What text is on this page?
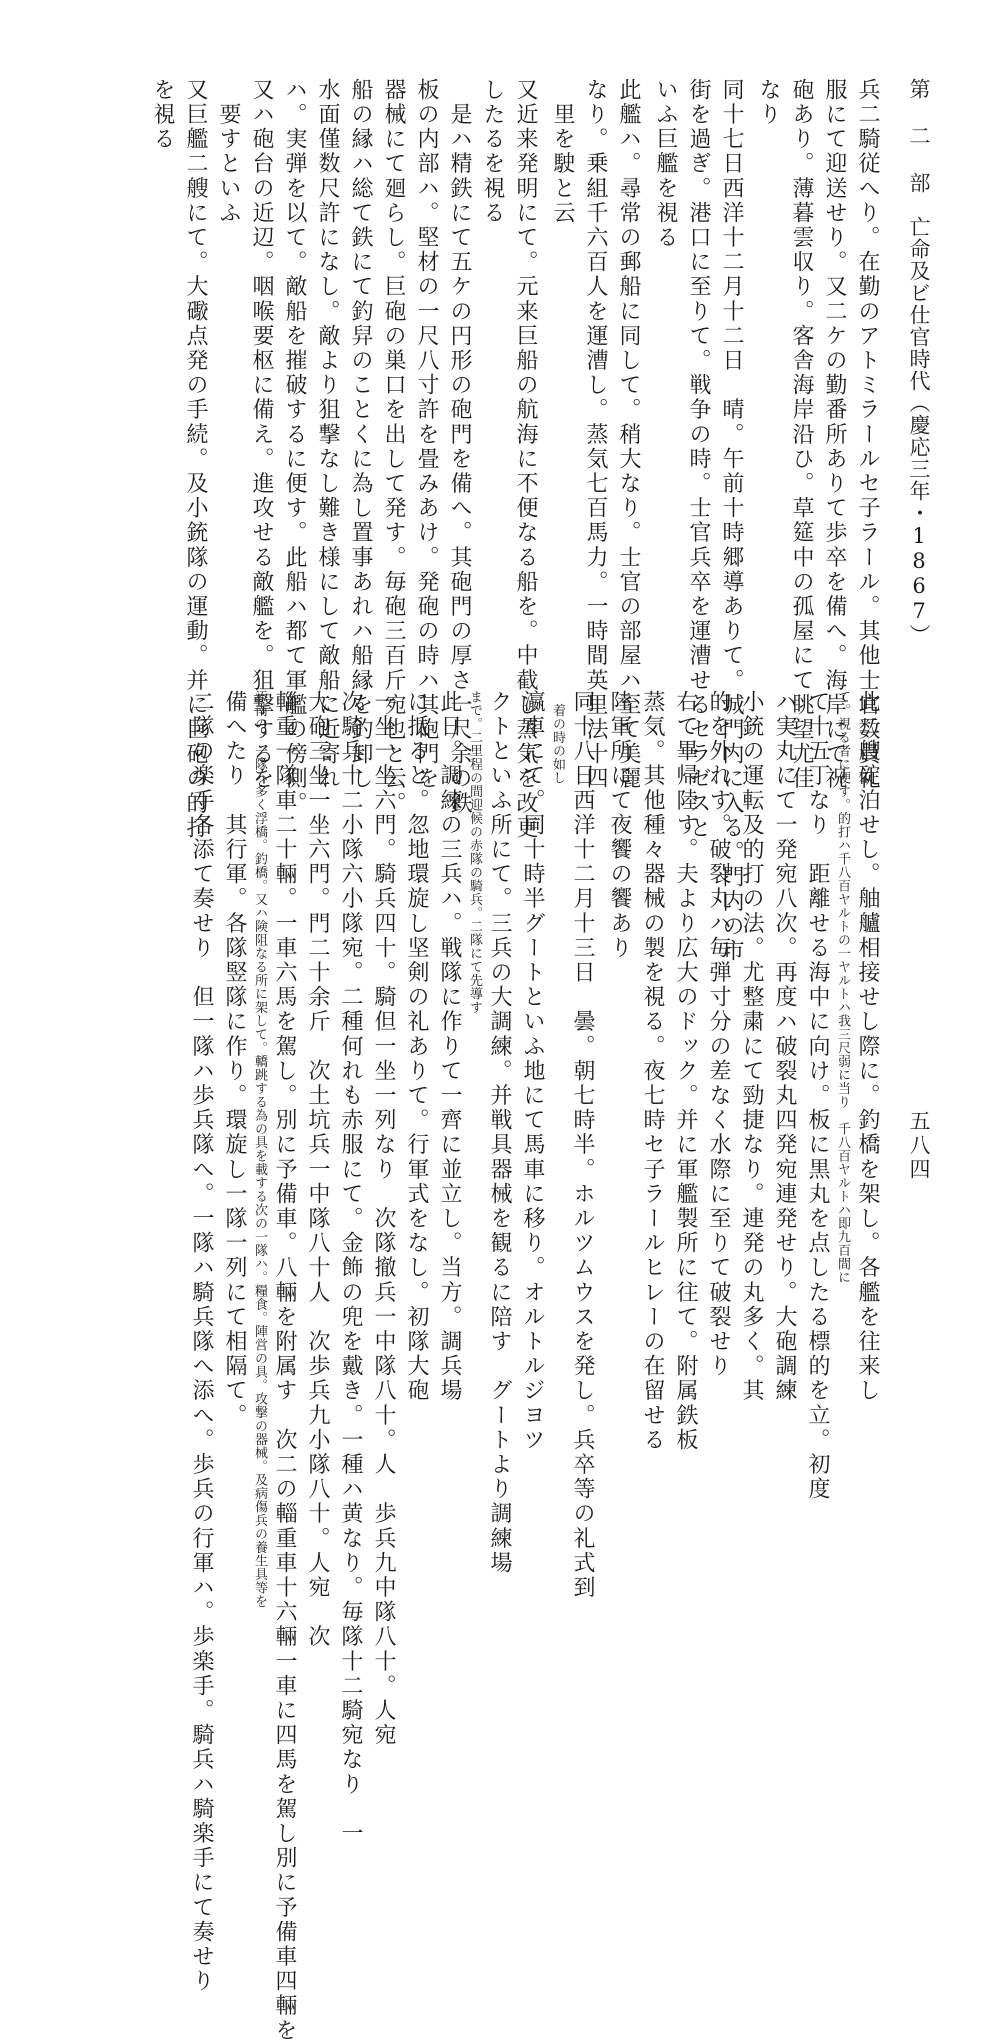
第 二 部　亡命及ビ仕官時代（慶応三年・1867）
五八四
兵二騎従へり。在勤のアトミラールセ子ラール。其他士官数員礼
服にて迎送せり。又二ケの勤番所ありて歩卒を備へ。海岸にて祝
砲あり。薄暮雲収り。客舎海岸沿ひ。草筵中の孤屋にて眺望尤佳
なり
同十七日西洋十二月十二日　晴。午前十時郷導ありて。城門内に入る。門内の市
街を過ぎ。港口に至りて。戦争の時。士官兵卒を運漕せるセラゼスと
いふ巨艦を視る
此艦ハ。尋常の郵船に同して。稍大なり。士官の部屋ハ至て美麗
なり。乗組千六百人を運漕し。蒸気七百馬力。一時間英里法十四
　里を駛と云
又近来発明にて。元来巨船の航海に不便なる船を。中截し蒸気を改更
したるを視る
　是ハ精鉄にて五ケの円形の砲門を備へ。其砲門の厚さ一尺余の鉄
板の内部ハ。堅材の一尺八寸許を畳みあけ。発砲の時ハ其砲門を
器械にて廻らし。巨砲の巣口を出して発す。毎砲三百斤宛也と云。
船の縁ハ総て鉄にて釣舁のことくに為し置事あれハ船縁を釣卸し
水面僅数尺許になし。敵より狙撃なし難き様にして敵船に近寄れ
ハ。実弾を以て。敵船を摧破するに便す。此船ハ都て軍艦の傍側。
又ハ砲台の近辺。咽喉要枢に備え。進攻せる敵艦を。狙撃するを
　要すといふ
又巨艦二艘にて。大礮点発の手続。及小銃隊の運動。并に巨砲の的打
を視る
此二艘碇泊せし。舳艫相接せし際に。釣橋を架し。各艦を往来し
て。視る者に便す。的打ハ千八百ヤルトの一ヤルトハ我三尺弱に当り　千八百ヤルトハ即九百間に
て十五丁なり　距離せる海中に向け。板に黒丸を点したる標的を立。初度
ハ実丸にて一発宛八次。再度ハ破裂丸四発宛連発せり。大砲調練
小銃の運転及的打の法。尤整粛にて勁捷なり。連発の丸多く。其
的を外れす。破裂丸ハ毎弾寸分の差なく水際に至りて破裂せり
右て畢帰陸す。夫より広大のドック。并に軍艦製所に往て。附属鉄板
蒸気。其他種々器械の製を視る。夜七時セ子ラールヒレーの在留せる
陸軍所にて夜饗の饗あり
同十八日西洋十二月十三日　曇。朝七時半。ホルツムウスを発し。兵卒等の礼式到
　着の時の如し
瀛車にて。同十時半グートといふ地にて馬車に移り。オルトルジヨツ
クトといふ所にて。三兵の大調練。并戦具器械を観るに陪す　グートより調練場
まで。二里程の間迎候の赤隊の騎兵。二隊にて先導す
此日。調練の三兵ハ。戦隊に作りて一齊に並立し。当方。調兵場
に抵ると。忽地環旋し坚剣の礼ありて。行軍式をなし。初隊大砲
一坐一坐六門。騎兵四十。騎但一坐一列なり　次隊撤兵一中隊八十。人　歩兵九中隊八十。人宛
次騎兵十二小隊六小隊宛。二種何れも赤服にて。金飾の兜を戴き。一種ハ黄なり。毎隊十二騎宛なり　一
大砲三坐一坐六門。門二十余斤　次土坑兵一中隊八十人　次歩兵九小隊八十。人宛　次
輜重一隊車二十輛。一車六馬を駕し。別に予備車。八輛を附属す　次二の輜重車十六輛一車に四馬を駕し別に予備車四輛を
添南の。一隊ハ多く浮橋。釣橋。又ハ険阻なる所に架して。轎跳する為の具を載する次の一隊ハ。糧食。陣営の具。攻撃の器械。及病傷兵の養生具等を
備へたり　其行軍。各隊竪隊に作り。環旋し一隊一列にて相隔て。
二隊の楽手各添て奏せり　但一隊ハ歩兵隊へ。一隊ハ騎兵隊へ添へ。歩兵の行軍ハ。歩楽手。騎兵ハ騎楽手にて奏せり
